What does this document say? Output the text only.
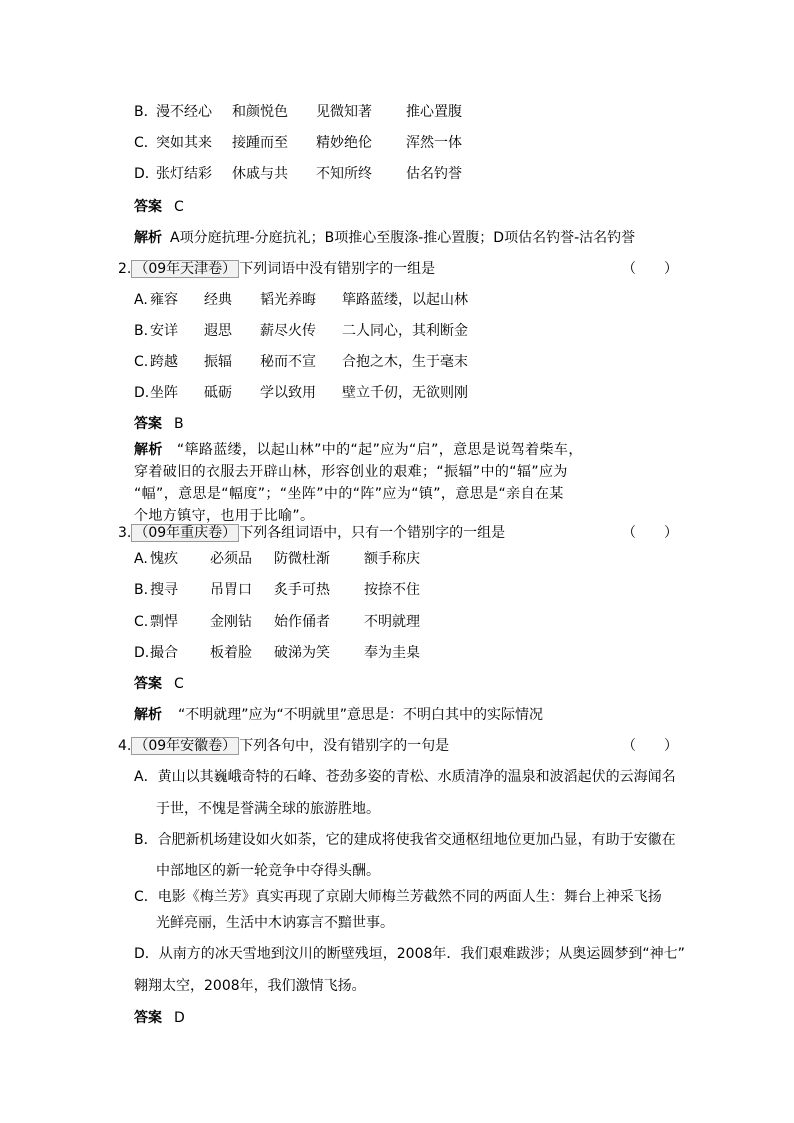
B．
漫不经心 和颜悦色 见微知著 推心置腹
C．
突如其来 接踵而至 精妙绝伦 浑然一体
D．
张灯结彩 休戚与共 不知所终 估名钓誉
答案 C
解析 A项分庭抗理-分庭抗礼；B项推心至腹涤-推心置腹；D项估名钓誉-沽名钓誉
2. （09年天津卷） 下列词语中没有错别字的一组是	（　　）
A. 雍容 经典 韬光养晦 筚路蓝缕，以起山林
B. 安详 遐思 薪尽火传 二人同心，其利断金
C. 跨越 振辐 秘而不宣 合抱之木，生于毫末
D. 坐阵 砥砺 学以致用 壁立千仞，无欲则刚
答案 B
解析 “筚路蓝缕，以起山林”中的“起”应为“启”，意思是说驾着柴车，
穿着破旧的衣服去开辟山林，形容创业的艰难；“振辐”中的“辐”应为
“幅”，意思是“幅度”；“坐阵”中的“阵”应为“镇”，意思是“亲自在某
个地方镇守，也用于比喻”。
3. （09年重庆卷） 下列各组词语中，只有一个错别字的一组是	（　　）
A. 愧疚 必须品 防微杜渐 额手称庆
B. 搜寻 吊胃口 炙手可热 按捺不住
C. 剽悍 金刚钻 始作俑者 不明就理
D. 撮合 板着脸 破涕为笑 奉为圭臬
答案 C
解析 “不明就理”应为“不明就里”意思是：不明白其中的实际情况
4. （09年安徽卷） 下列各句中，没有错别字的一句是	（　　）
A．黄山以其巍峨奇特的石峰、苍劲多姿的青松、水质清净的温泉和波滔起伏的云海闻名
于世，不愧是誉满全球的旅游胜地。
B．合肥新机场建设如火如荼，它的建成将使我省交通枢纽地位更加凸显，有助于安徽在
中部地区的新一轮竞争中夺得头酬。
C．电影《梅兰芳》真实再现了京剧大师梅兰芳截然不同的两面人生：舞台上神采飞扬
光鲜亮丽，生活中木讷寡言不黯世事。
D．从南方的冰天雪地到汶川的断壁残垣，2008年．我们艰难跋涉；从奥运圆梦到“神七”
翱翔太空，2008年，我们激情飞扬。
答案 D
